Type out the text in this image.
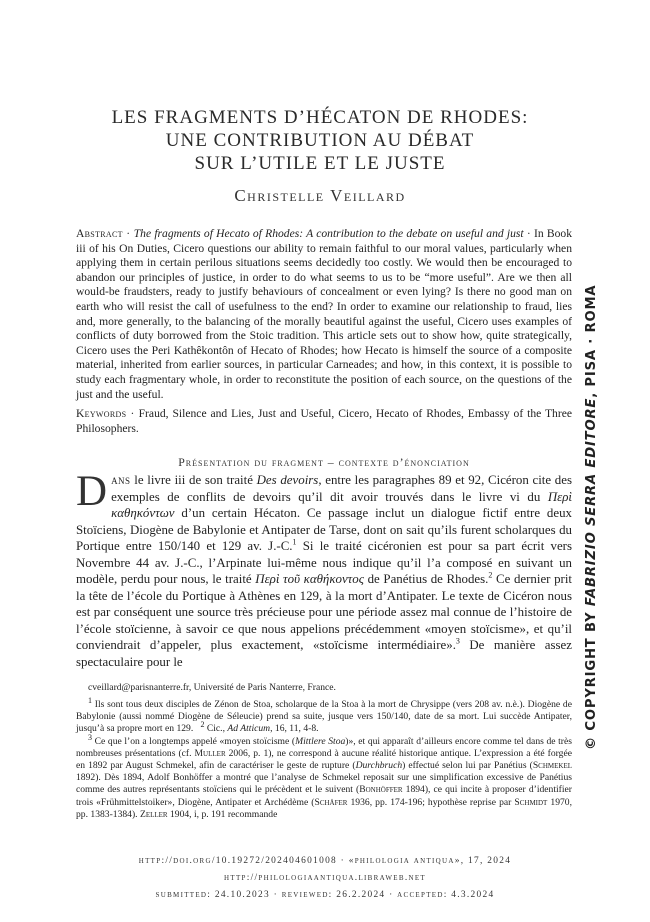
LES FRAGMENTS D’HÉCATON DE RHODES:
UNE CONTRIBUTION AU DÉBAT
SUR L’UTILE ET LE JUSTE
Christelle Veillard
Abstract · The fragments of Hecato of Rhodes: A contribution to the debate on useful and just · In Book iii of his On Duties, Cicero questions our ability to remain faithful to our moral values, particularly when applying them in certain perilous situations seems decidedly too costly. We would then be encouraged to abandon our principles of justice, in order to do what seems to us to be “more useful”. Are we then all would-be fraudsters, ready to justify behaviours of concealment or even lying? Is there no good man on earth who will resist the call of usefulness to the end? In order to examine our relationship to fraud, lies and, more generally, to the balancing of the morally beautiful against the useful, Cicero uses examples of conflicts of duty borrowed from the Stoic tradition. This article sets out to show how, quite strategically, Cicero uses the Peri Kathêkontôn of Hecato of Rhodes; how Hecato is himself the source of a composite material, inherited from earlier sources, in particular Carneades; and how, in this context, it is possible to study each fragmentary whole, in order to reconstitute the position of each source, on the questions of the just and the useful.
Keywords · Fraud, Silence and Lies, Just and Useful, Cicero, Hecato of Rhodes, Embassy of the Three Philosophers.
Présentation du fragment – contexte d’énonciation
Dans le livre iii de son traité Des devoirs, entre les paragraphes 89 et 92, Cicéron cite des exemples de conflits de devoirs qu’il dit avoir trouvés dans le livre vi du Περὶ καθηκόντων d’un certain Hécaton. Ce passage inclut un dialogue fictif entre deux Stoïciens, Diogène de Babylonie et Antipater de Tarse, dont on sait qu’ils furent scholarques du Portique entre 150/140 et 129 av. J.-C.$^1$ Si le traité cicéronien est pour sa part écrit vers Novembre 44 av. J.-C., l’Arpinate lui-même nous indique qu’il l’a composé en suivant un modèle, perdu pour nous, le traité Περὶ τοῦ καθήκοντος de Panétius de Rhodes.$^2$ Ce dernier prit la tête de l’école du Portique à Athènes en 129, à la mort d’Antipater. Le texte de Cicéron nous est par conséquent une source très précieuse pour une période assez mal connue de l’histoire de l’école stoïcienne, à savoir ce que nous appelions précédemment «moyen stoïcisme», et qu’il conviendrait d’appeler, plus exactement, «stoïcisme intermédiaire».$^3$ De manière assez spectaculaire pour le
cveillard@parisnanterre.fr, Université de Paris Nanterre, France.

$^1$ Ils sont tous deux disciples de Zénon de Stoa, scholarque de la Stoa à la mort de Chrysippe (vers 208 av. n.è.). Diogène de Babylonie (aussi nommé Diogène de Séleucie) prend sa suite, jusque vers 150/140, date de sa mort. Lui succède Antipater, jusqu’à sa propre mort en 129. $^2$ Cic., Ad Atticum, 16, 11, 4-8.

$^3$ Ce que l’on a longtemps appelé «moyen stoïcisme (Mittlere Stoa)», et qui apparaît d’ailleurs encore comme tel dans de très nombreuses présentations (cf. Muller 2006, p. 1), ne correspond à aucune réalité historique antique. L’expression a été forgée en 1892 par August Schmekel, afin de caractériser le geste de rupture (Durchbruch) effectué selon lui par Panétius (Schmekel 1892). Dès 1894, Adolf Bonhöffer a montré que l’analyse de Schmekel reposait sur une simplification excessive de Panétius comme des autres représentants stoïciens qui le précèdent et le suivent (Bonhöffer 1894), ce qui incite à proposer d’identifier trois «Frühmittelstoiker», Diogène, Antipater et Archédème (Schäfer 1936, pp. 174-196; hypothèse reprise par Schmidt 1970, pp. 1383-1384). Zeller 1904, i, p. 191 recommande

http://doi.org/10.19272/202404601008 · «philologia antiqua», 17, 2024
http://philologiaantiqua.libraweb.net
submitted: 24.10.2023 · reviewed: 26.2.2024 · accepted: 4.3.2024
© COPYRIGHT BY FABRIZIO SERRA EDITORE, PISA · ROMA
